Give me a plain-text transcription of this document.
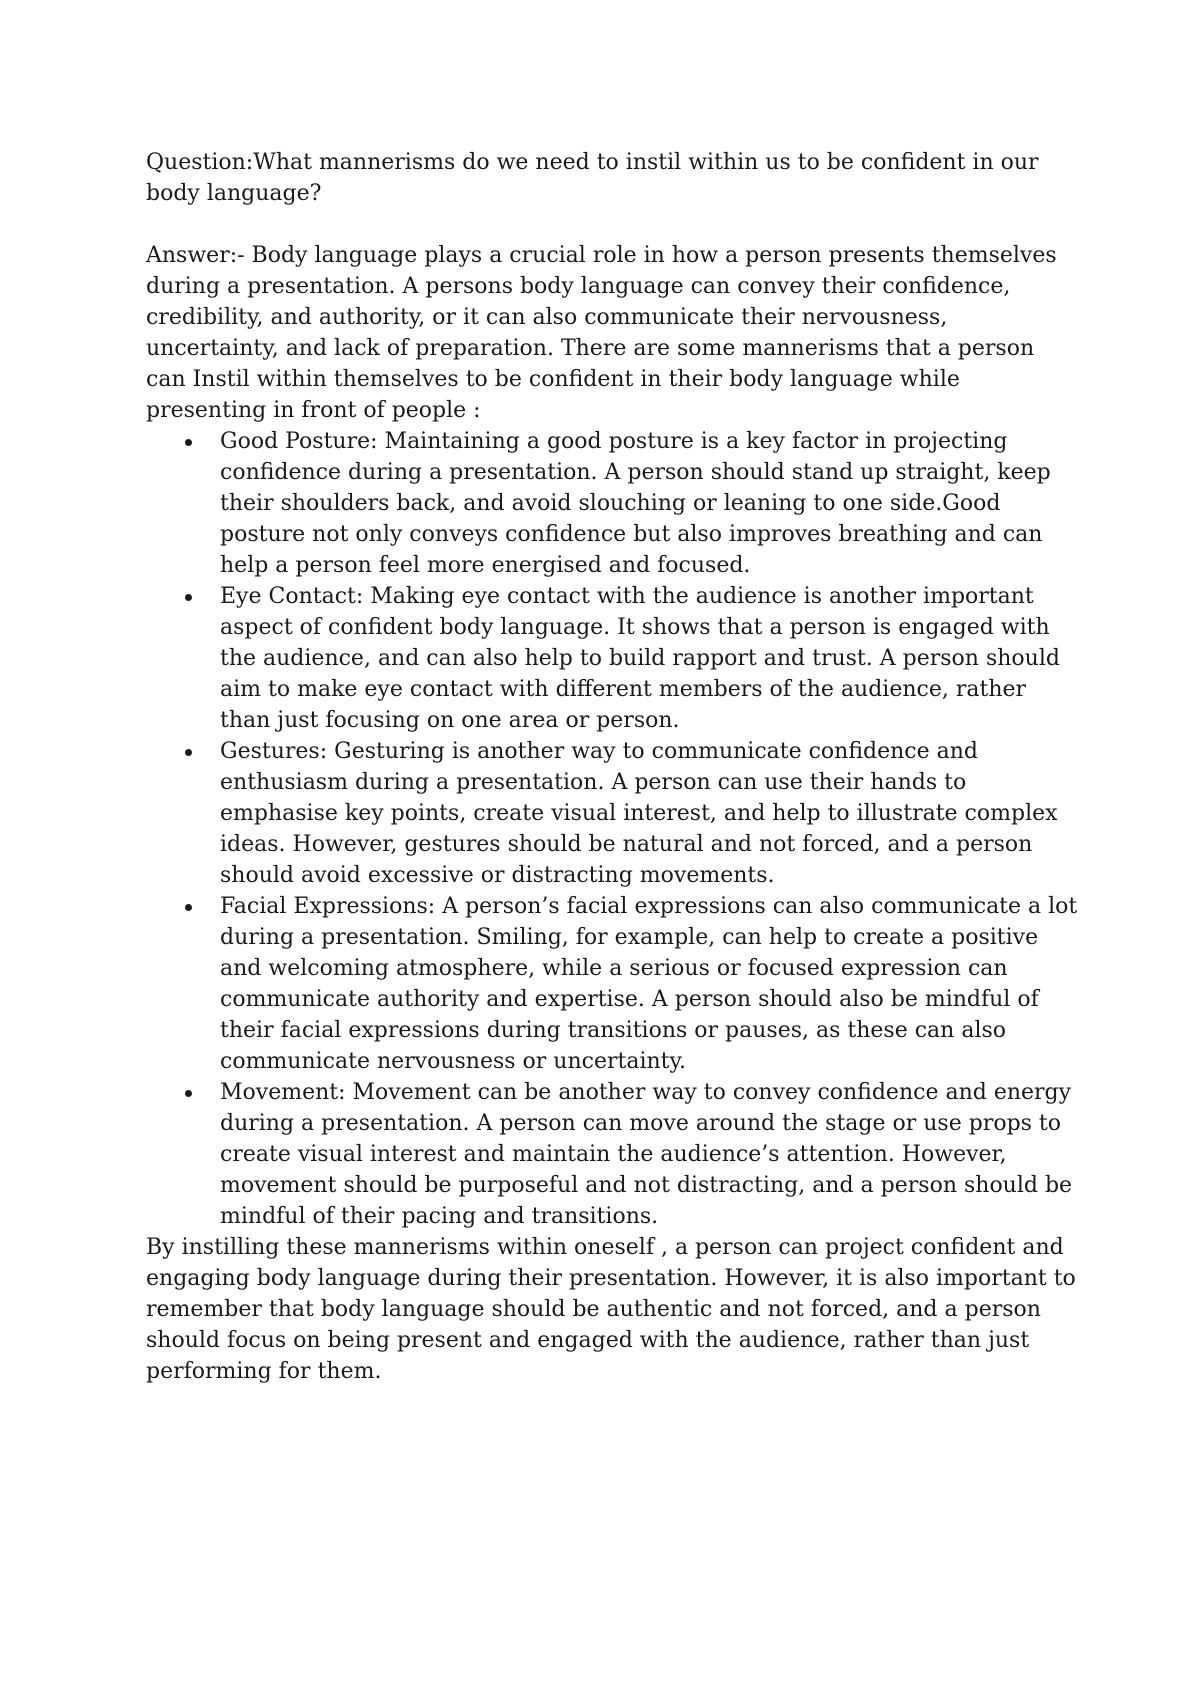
Question:What mannerisms do we need to instil within us to be confident in our body language?

Answer:- Body language plays a crucial role in how a person presents themselves during a presentation. A persons body language can convey their confidence, credibility, and authority, or it can also communicate their nervousness, uncertainty, and lack of preparation. There are some mannerisms that a person can Instil within themselves to be confident in their body language while presenting in front of people :

Good Posture: Maintaining a good posture is a key factor in projecting confidence during a presentation. A person should stand up straight, keep their shoulders back, and avoid slouching or leaning to one side.Good posture not only conveys confidence but also improves breathing and can help a person feel more energised and focused.
Eye Contact: Making eye contact with the audience is another important aspect of confident body language. It shows that a person is engaged with the audience, and can also help to build rapport and trust. A person should aim to make eye contact with different members of the audience, rather than just focusing on one area or person.
Gestures: Gesturing is another way to communicate confidence and enthusiasm during a presentation. A person can use their hands to emphasise key points, create visual interest, and help to illustrate complex ideas. However, gestures should be natural and not forced, and a person should avoid excessive or distracting movements.
Facial Expressions: A person’s facial expressions can also communicate a lot during a presentation. Smiling, for example, can help to create a positive and welcoming atmosphere, while a serious or focused expression can communicate authority and expertise. A person should also be mindful of their facial expressions during transitions or pauses, as these can also communicate nervousness or uncertainty.
Movement: Movement can be another way to convey confidence and energy during a presentation. A person can move around the stage or use props to create visual interest and maintain the audience’s attention. However, movement should be purposeful and not distracting, and a person should be mindful of their pacing and transitions.

By instilling these mannerisms within oneself , a person can project confident and engaging body language during their presentation. However, it is also important to remember that body language should be authentic and not forced, and a person should focus on being present and engaged with the audience, rather than just performing for them.
